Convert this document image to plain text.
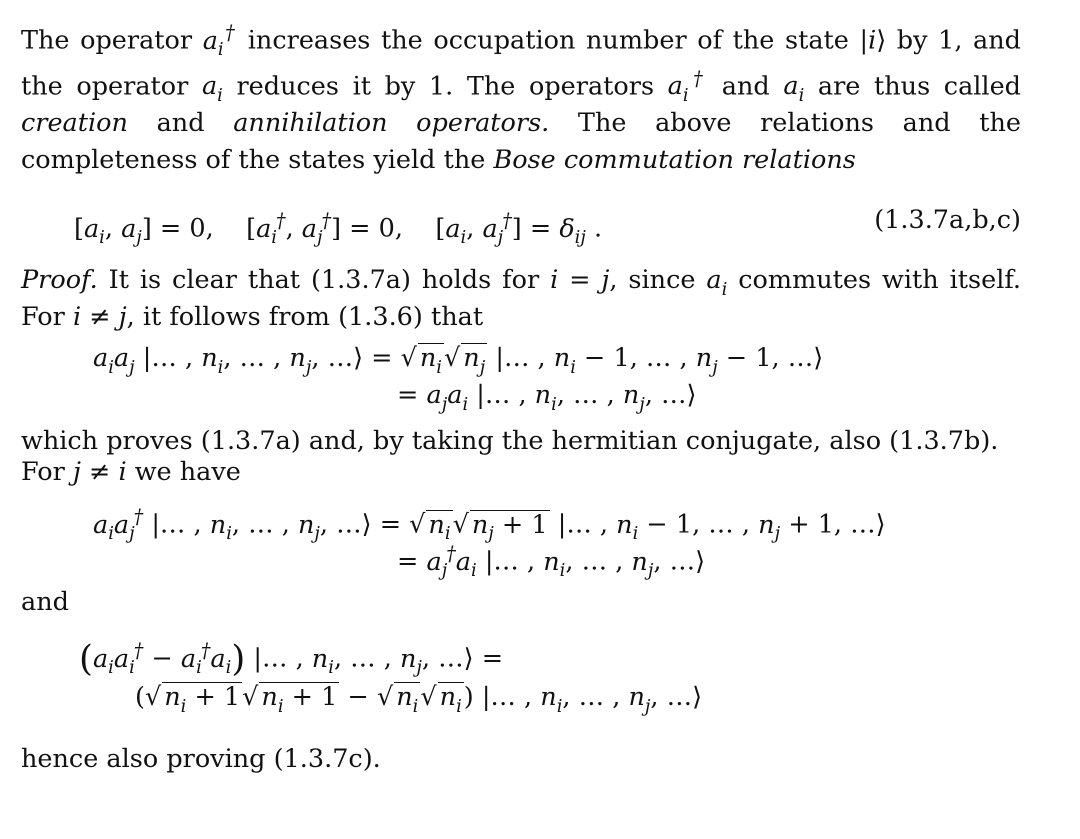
The operator $a_i^\dagger$ increases the occupation number of the state |i⟩ by 1, and the operator $a_i$ reduces it by 1. The operators $a_i^\dagger$ and $a_i$ are thus called creation and annihilation operators. The above relations and the completeness of the states yield the Bose commutation relations

[$a_i$, $a_j] = 0$,    [$a_i^\dagger$, $a_j^\dagger] = 0$,    [$a_i$, $a_j^\dagger] = \delta_{ij}$ .	(1.3.7a,b,c)

Proof. It is clear that (1.3.7a) holds for i = j, since $a_i$ commutes with itself. For i ≠ j, it follows from (1.3.6) that

$a_ia_j$ |… , $n_i$, … , $n_j$, …⟩ = √ $n_i√$ $n_j$ |… , $n_i - 1$, … , $n_j - 1$, …⟩
= $a_ja_i$ |… , $n_i$, … , $n_j$, …⟩

which proves (1.3.7a) and, by taking the hermitian conjugate, also (1.3.7b).

For j ≠ i we have

$a_ia_j^\dagger$ |… , $n_i$, … , $n_j$, …⟩ = √ $n_i√$ $n_j + 1$ |… , $n_i - 1$, … , $n_j + 1$, …⟩
= $a_j^\dagger a_i$ |… , $n_i$, … , $n_j$, …⟩

and

$(a_ia_i^\dagger - a_i^\dagger a_i)$ |… , $n_i$, … , $n_j$, …⟩ =
(√ $n_i + 1√$ $n_i + 1$ − √ $n_i√$ $n_i$) |… , $n_i$, … , $n_j$, …⟩

hence also proving (1.3.7c).
